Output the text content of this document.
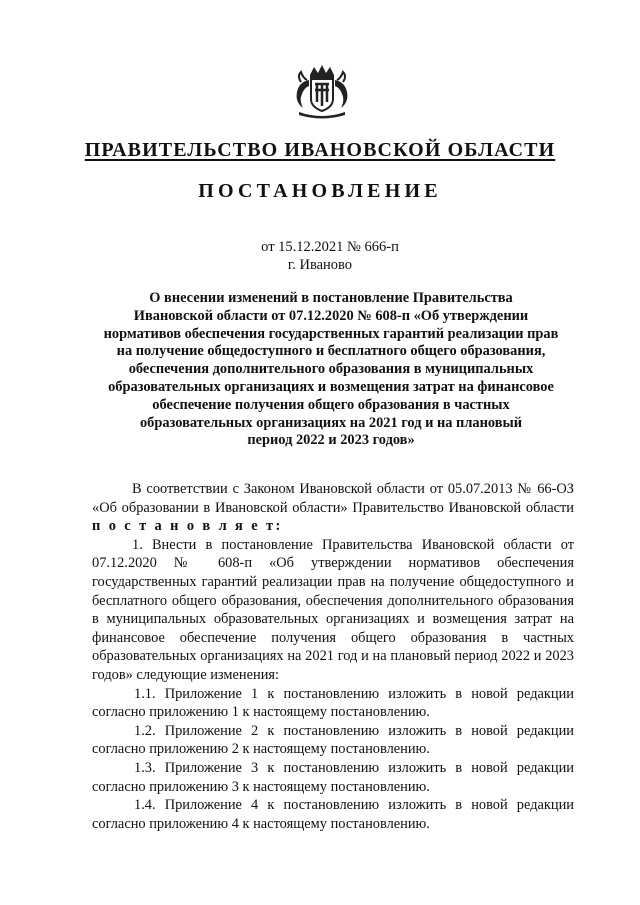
ПРАВИТЕЛЬСТВО ИВАНОВСКОЙ ОБЛАСТИ
ПОСТАНОВЛЕНИЕ
от 15.12.2021 № 666-п
г. Иваново
О внесении изменений в постановление Правительства
Ивановской области от 07.12.2020 № 608-п «Об утверждении
нормативов обеспечения государственных гарантий реализации прав
на получение общедоступного и бесплатного общего образования,
обеспечения дополнительного образования в муниципальных
образовательных организациях и возмещения затрат на финансовое
обеспечение получения общего образования в частных
образовательных организациях на 2021 год и на плановый
период 2022 и 2023 годов»

В соответствии с Законом Ивановской области от 05.07.2013 № 66-ОЗ «Об образовании в Ивановской области» Правительство Ивановской области п о с т а н о в л я е т:

1. Внести в постановление Правительства Ивановской области от 07.12.2020 № 608-п «Об утверждении нормативов обеспечения государственных гарантий реализации прав на получение общедоступного и бесплатного общего образования, обеспечения дополнительного образования в муниципальных образовательных организациях и возмещения затрат на финансовое обеспечение получения общего образования в частных образовательных организациях на 2021 год и на плановый период 2022 и 2023 годов» следующие изменения:

1.1. Приложение 1 к постановлению изложить в новой редакции согласно приложению 1 к настоящему постановлению.

1.2. Приложение 2 к постановлению изложить в новой редакции согласно приложению 2 к настоящему постановлению.

1.3. Приложение 3 к постановлению изложить в новой редакции согласно приложению 3 к настоящему постановлению.

1.4. Приложение 4 к постановлению изложить в новой редакции согласно приложению 4 к настоящему постановлению.
